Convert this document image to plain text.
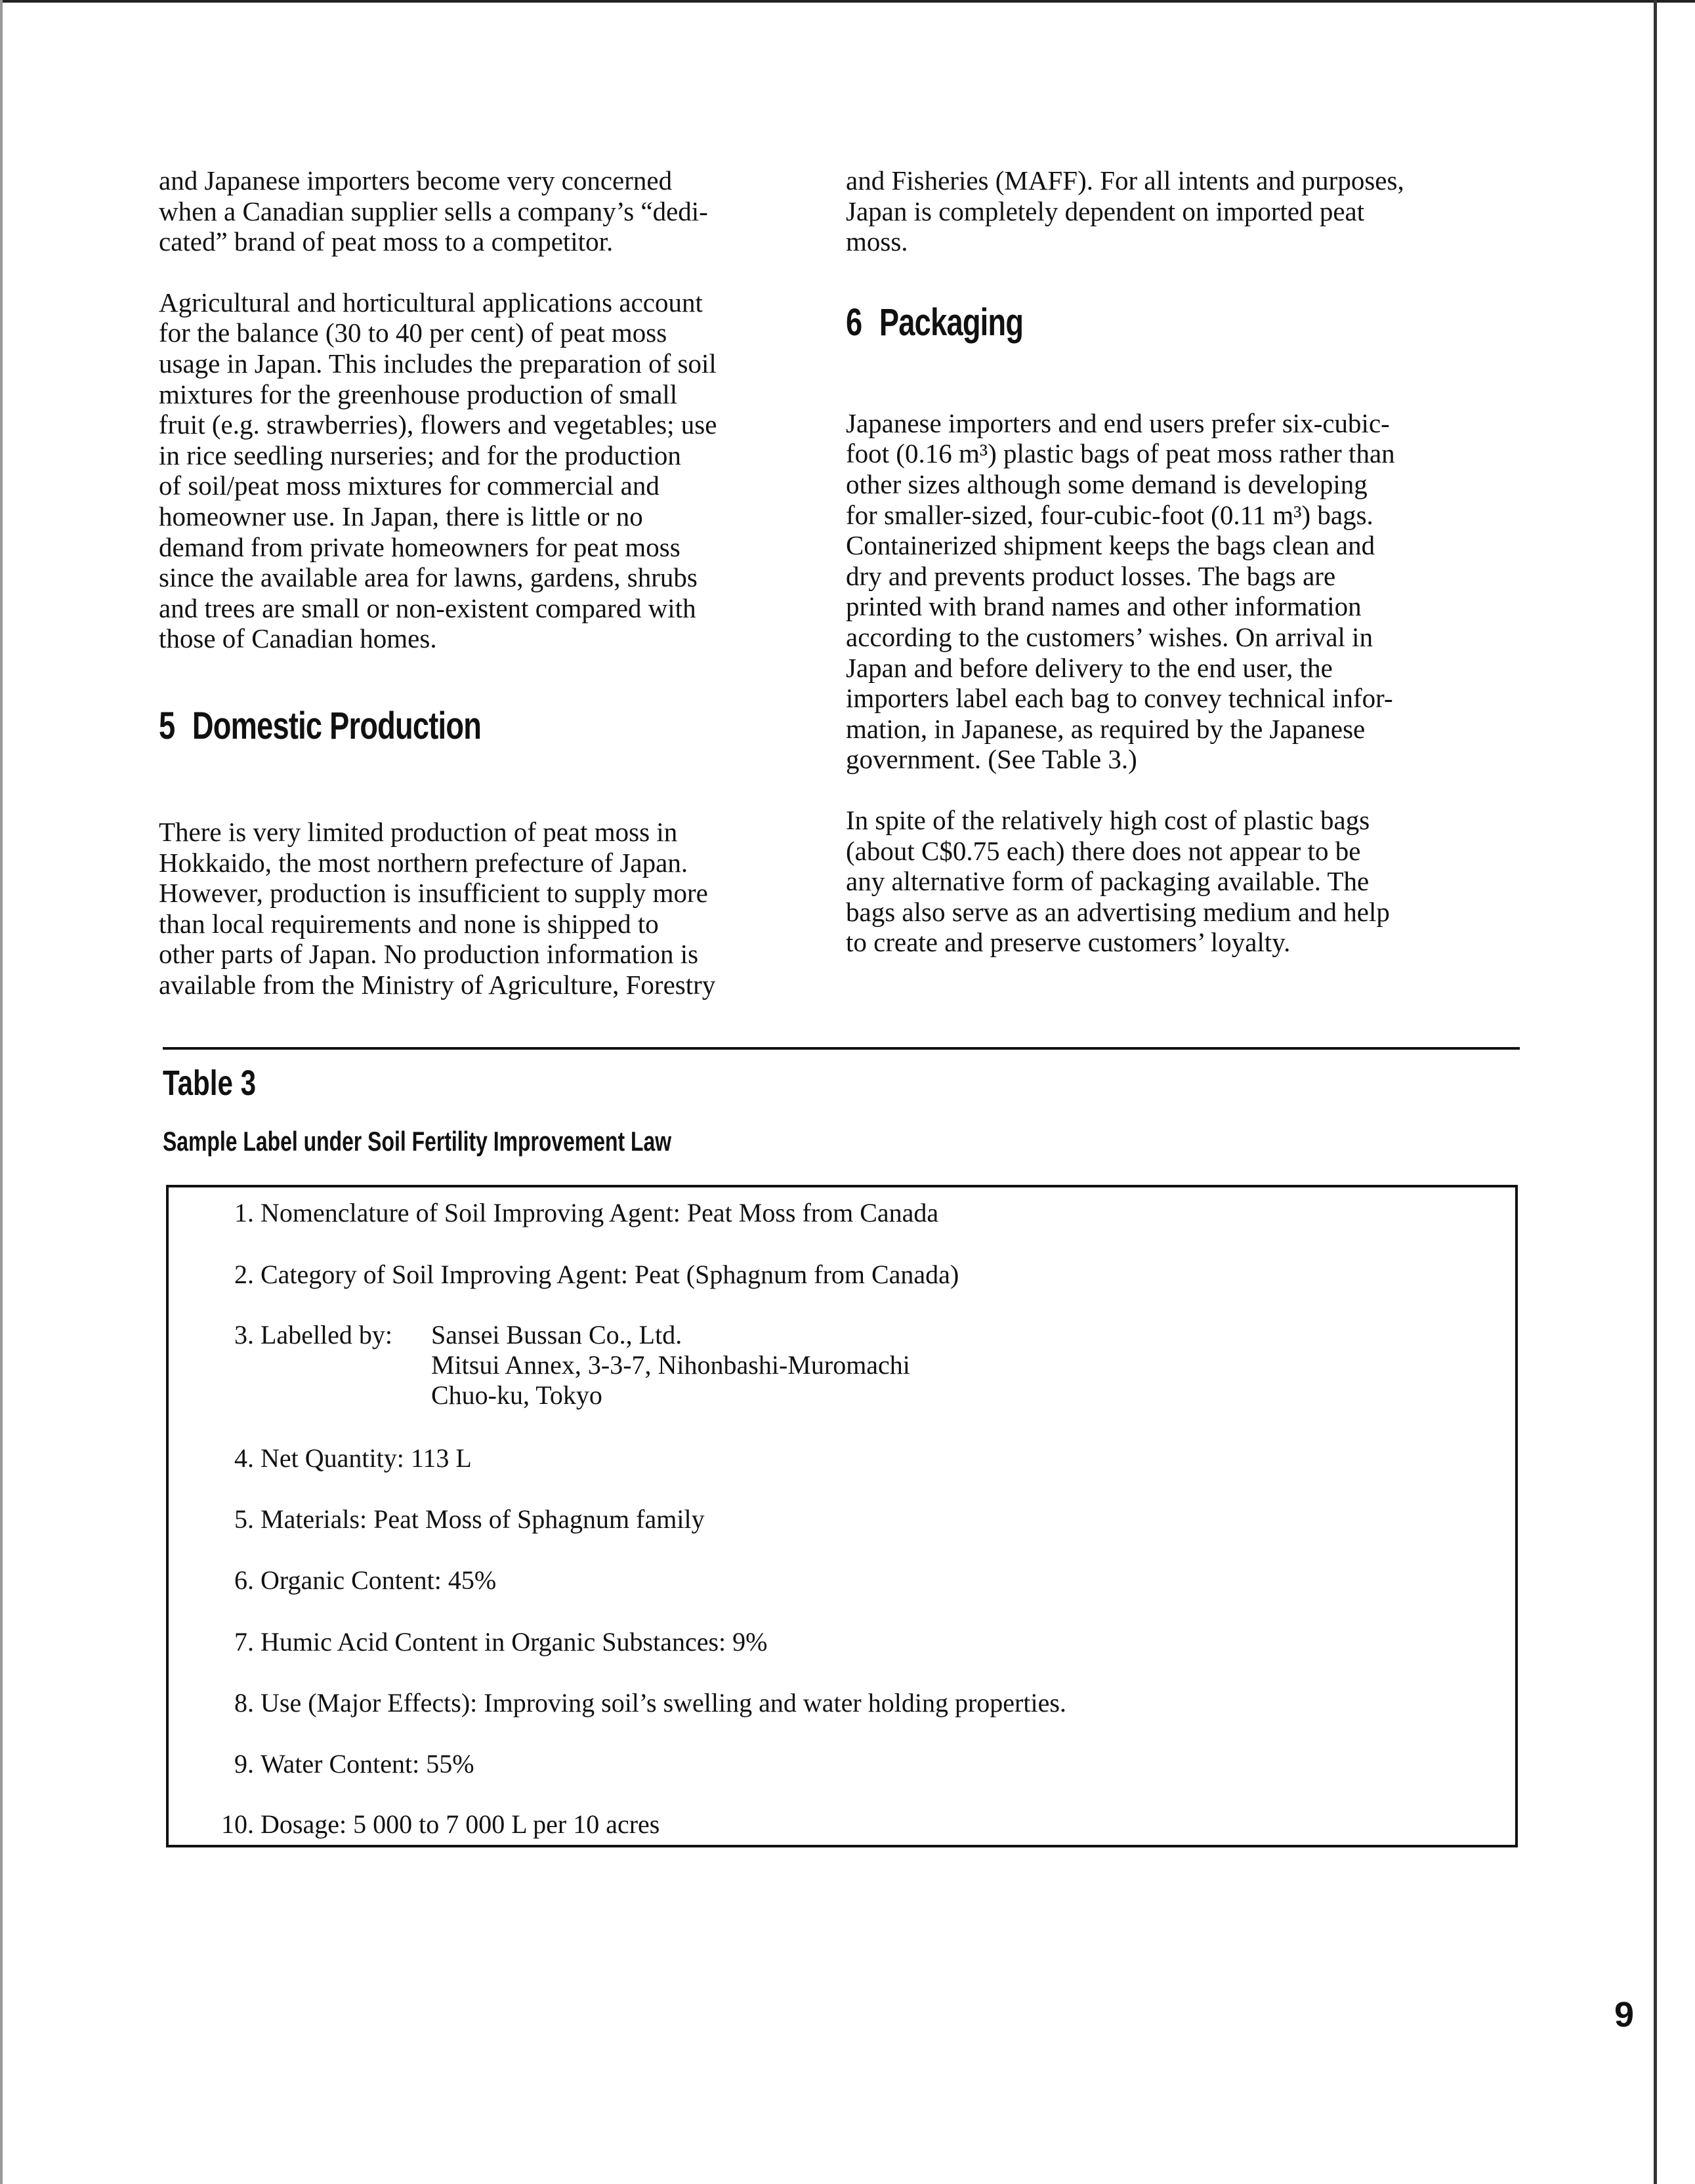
and Japanese importers become very concerned
when a Canadian supplier sells a company’s “dedi-
cated” brand of peat moss to a competitor.

Agricultural and horticultural applications account
for the balance (30 to 40 per cent) of peat moss
usage in Japan. This includes the preparation of soil
mixtures for the greenhouse production of small
fruit (e.g. strawberries), flowers and vegetables; use
in rice seedling nurseries; and for the production
of soil/peat moss mixtures for commercial and
homeowner use. In Japan, there is little or no
demand from private homeowners for peat moss
since the available area for lawns, gardens, shrubs
and trees are small or non-existent compared with
those of Canadian homes.

5 Domestic Production

There is very limited production of peat moss in
Hokkaido, the most northern prefecture of Japan.
However, production is insufficient to supply more
than local requirements and none is shipped to
other parts of Japan. No production information is
available from the Ministry of Agriculture, Forestry

and Fisheries (MAFF). For all intents and purposes,
Japan is completely dependent on imported peat
moss.

6 Packaging

Japanese importers and end users prefer six-cubic-
foot (0.16 m³) plastic bags of peat moss rather than
other sizes although some demand is developing
for smaller-sized, four-cubic-foot (0.11 m³) bags.
Containerized shipment keeps the bags clean and
dry and prevents product losses. The bags are
printed with brand names and other information
according to the customers’ wishes. On arrival in
Japan and before delivery to the end user, the
importers label each bag to convey technical infor-
mation, in Japanese, as required by the Japanese
government. (See Table 3.)

In spite of the relatively high cost of plastic bags
(about C$0.75 each) there does not appear to be
any alternative form of packaging available. The
bags also serve as an advertising medium and help
to create and preserve customers’ loyalty.

Table 3
Sample Label under Soil Fertility Improvement Law
1. Nomenclature of Soil Improving Agent: Peat Moss from Canada
2. Category of Soil Improving Agent: Peat (Sphagnum from Canada)
3. Labelled by: Sansei Bussan Co., Ltd.
Mitsui Annex, 3-3-7, Nihonbashi-Muromachi
Chuo-ku, Tokyo
4. Net Quantity: 113 L
5. Materials: Peat Moss of Sphagnum family
6. Organic Content: 45%
7. Humic Acid Content in Organic Substances: 9%
8. Use (Major Effects): Improving soil’s swelling and water holding properties.
9. Water Content: 55%
10. Dosage: 5 000 to 7 000 L per 10 acres
9
